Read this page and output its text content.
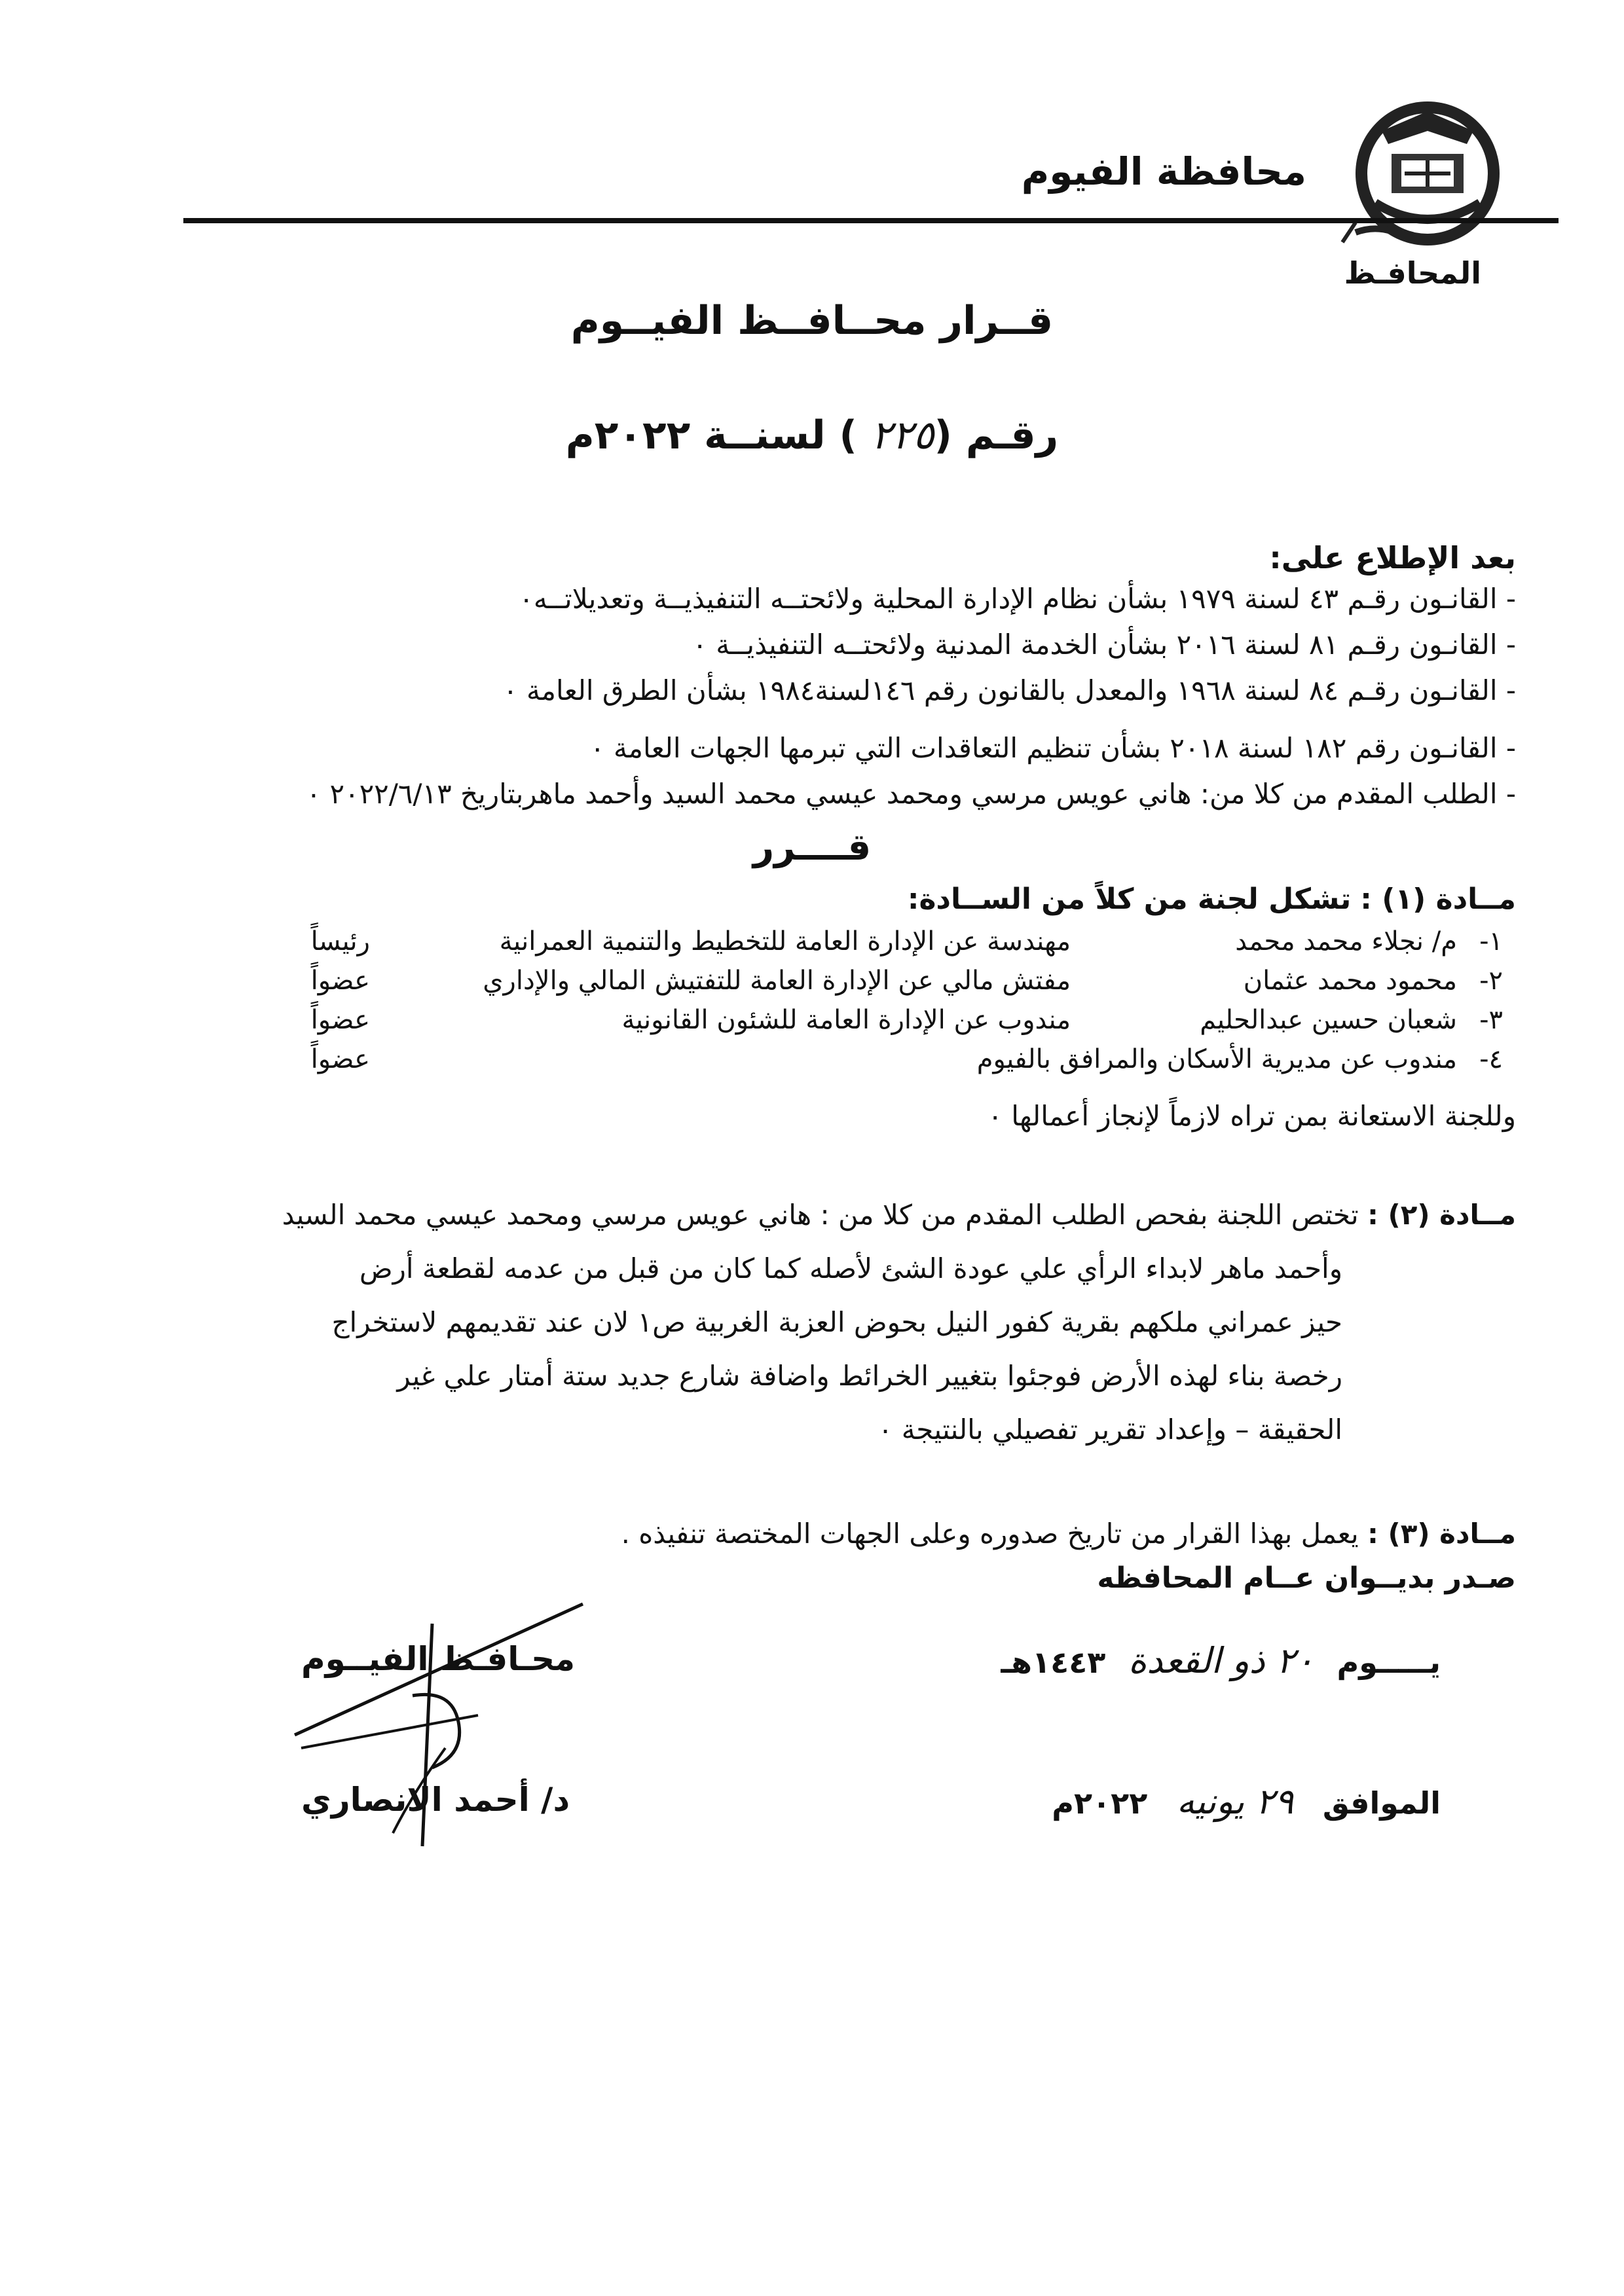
محافظة الفيوم
المحافـظ
قــرار محــافــظ الفيــوم
رقـم (٢٢٥ ) لسنــة ٢٠٢٢م
بعد الإطلاع على:
- القانـون رقـم ٤٣ لسنة ١٩٧٩ بشأن نظام الإدارة المحلية ولائحتــه التنفيذيــة وتعديلاتــه٠
- القانـون رقـم ٨١ لسنة ٢٠١٦ بشأن الخدمة المدنية ولائحتــه التنفيذيــة ٠
- القانـون رقـم ٨٤ لسنة ١٩٦٨ والمعدل بالقانون رقم ١٤٦لسنة١٩٨٤ بشأن الطرق العامة ٠
- القانـون رقم ١٨٢ لسنة ٢٠١٨ بشأن تنظيم التعاقدات التي تبرمها الجهات العامة ٠
- الطلب المقدم من كلا من: هاني عويس مرسي ومحمد عيسي محمد السيد وأحمد ماهربتاريخ ٢٠٢٢/٦/١٣ ٠
قــــرر
مــادة (١) : تشكل لجنة من كلاً من الســادة:
١-
م/ نجلاء محمد محمد
مهندسة عن الإدارة العامة للتخطيط والتنمية العمرانية
رئيساً
٢-
محمود محمد عثمان
مفتش مالي عن الإدارة العامة للتفتيش المالي والإداري
عضواً
٣-
شعبان حسين عبدالحليم
مندوب عن الإدارة العامة للشئون القانونية
عضواً
٤-
مندوب عن مديرية الأسكان والمرافق بالفيوم
عضواً
وللجنة الاستعانة بمن تراه لازماً لإنجاز أعمالها ٠
مــادة (٢) : تختص اللجنة بفحص الطلب المقدم من كلا من : هاني عويس مرسي ومحمد عيسي محمد السيد
وأحمد ماهر لابداء الرأي علي عودة الشئ لأصله كما كان من قبل من عدمه لقطعة أرض
حيز عمراني ملكهم بقرية كفور النيل بحوض العزبة الغربية ص١ لان عند تقديمهم لاستخراج
رخصة بناء لهذه الأرض فوجئوا بتغيير الخرائط واضافة شارع جديد ستة أمتار علي غير
الحقيقة – وإعداد تقرير تفصيلي بالنتيجة ٠
مــادة (٣) : يعمل بهذا القرار من تاريخ صدوره وعلى الجهات المختصة تنفيذه .
صـدر بديــوان عــام المحافظه
يـــــوم ٢٠ ذو القعدة ١٤٤٣هـ
الموافق ٢٩ يونيه ٢٠٢٢م
محـافـظ الفيــوم
د/ أحمد الانصاري
